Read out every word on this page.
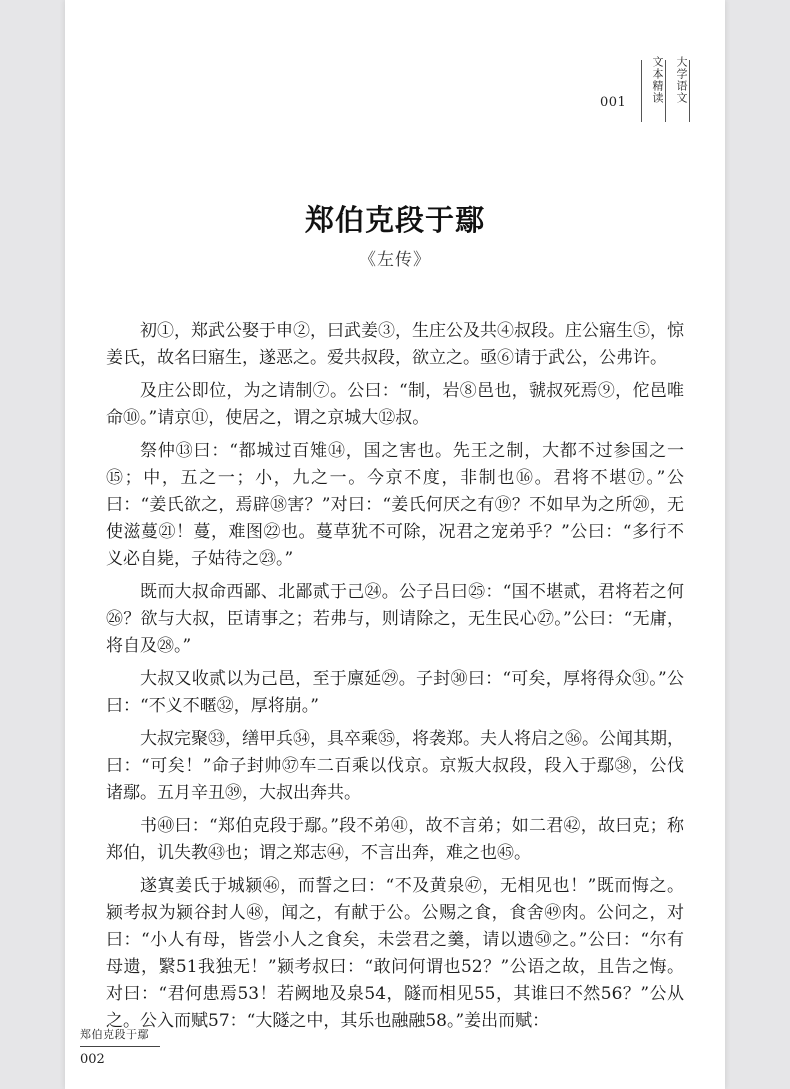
001	文本精读	大学语文
郑伯克段于鄢
《左传》

初①，郑武公娶于申②，曰武姜③，生庄公及共④叔段。庄公寤生⑤，惊姜氏，故名曰寤生，遂恶之。爱共叔段，欲立之。亟⑥请于武公，公弗许。

及庄公即位，为之请制⑦。公曰：“制，岩⑧邑也，虢叔死焉⑨，佗邑唯命⑩。”请京⑪，使居之，谓之京城大⑫叔。

祭仲⑬曰：“都城过百雉⑭，国之害也。先王之制，大都不过参国之一⑮；中，五之一；小，九之一。今京不度，非制也⑯。君将不堪⑰。”公曰：“姜氏欲之，焉辟⑱害？”对曰：“姜氏何厌之有⑲？不如早为之所⑳，无使滋蔓㉑！蔓，难图㉒也。蔓草犹不可除，况君之宠弟乎？”公曰：“多行不义必自毙，子姑待之㉓。”

既而大叔命西鄙、北鄙贰于己㉔。公子吕曰㉕：“国不堪贰，君将若之何㉖？欲与大叔，臣请事之；若弗与，则请除之，无生民心㉗。”公曰：“无庸，将自及㉘。”

大叔又收贰以为己邑，至于廪延㉙。子封㉚曰：“可矣，厚将得众㉛。”公曰：“不义不暱㉜，厚将崩。”

大叔完聚㉝，缮甲兵㉞，具卒乘㉟，将袭郑。夫人将启之㊱。公闻其期，曰：“可矣！”命子封帅㊲车二百乘以伐京。京叛大叔段，段入于鄢㊳，公伐诸鄢。五月辛丑㊴，大叔出奔共。

书㊵曰：“郑伯克段于鄢。”段不弟㊶，故不言弟；如二君㊷，故曰克；称郑伯，讥失教㊸也；谓之郑志㊹，不言出奔，难之也㊺。

遂寘姜氏于城颍㊻，而誓之曰：“不及黄泉㊼，无相见也！”既而悔之。颍考叔为颍谷封人㊽，闻之，有献于公。公赐之食，食舍㊾肉。公问之，对曰：“小人有母，皆尝小人之食矣，未尝君之羹，请以遗㊿之。”公曰：“尔有母遗，繄51我独无！”颍考叔曰：“敢问何谓也52？”公语之故，且告之悔。对曰：“君何患焉53！若阙地及泉54，隧而相见55，其谁曰不然56？”公从之。公入而赋57：“大隧之中，其乐也融融58。”姜出而赋：

郑伯克段于鄢
002
